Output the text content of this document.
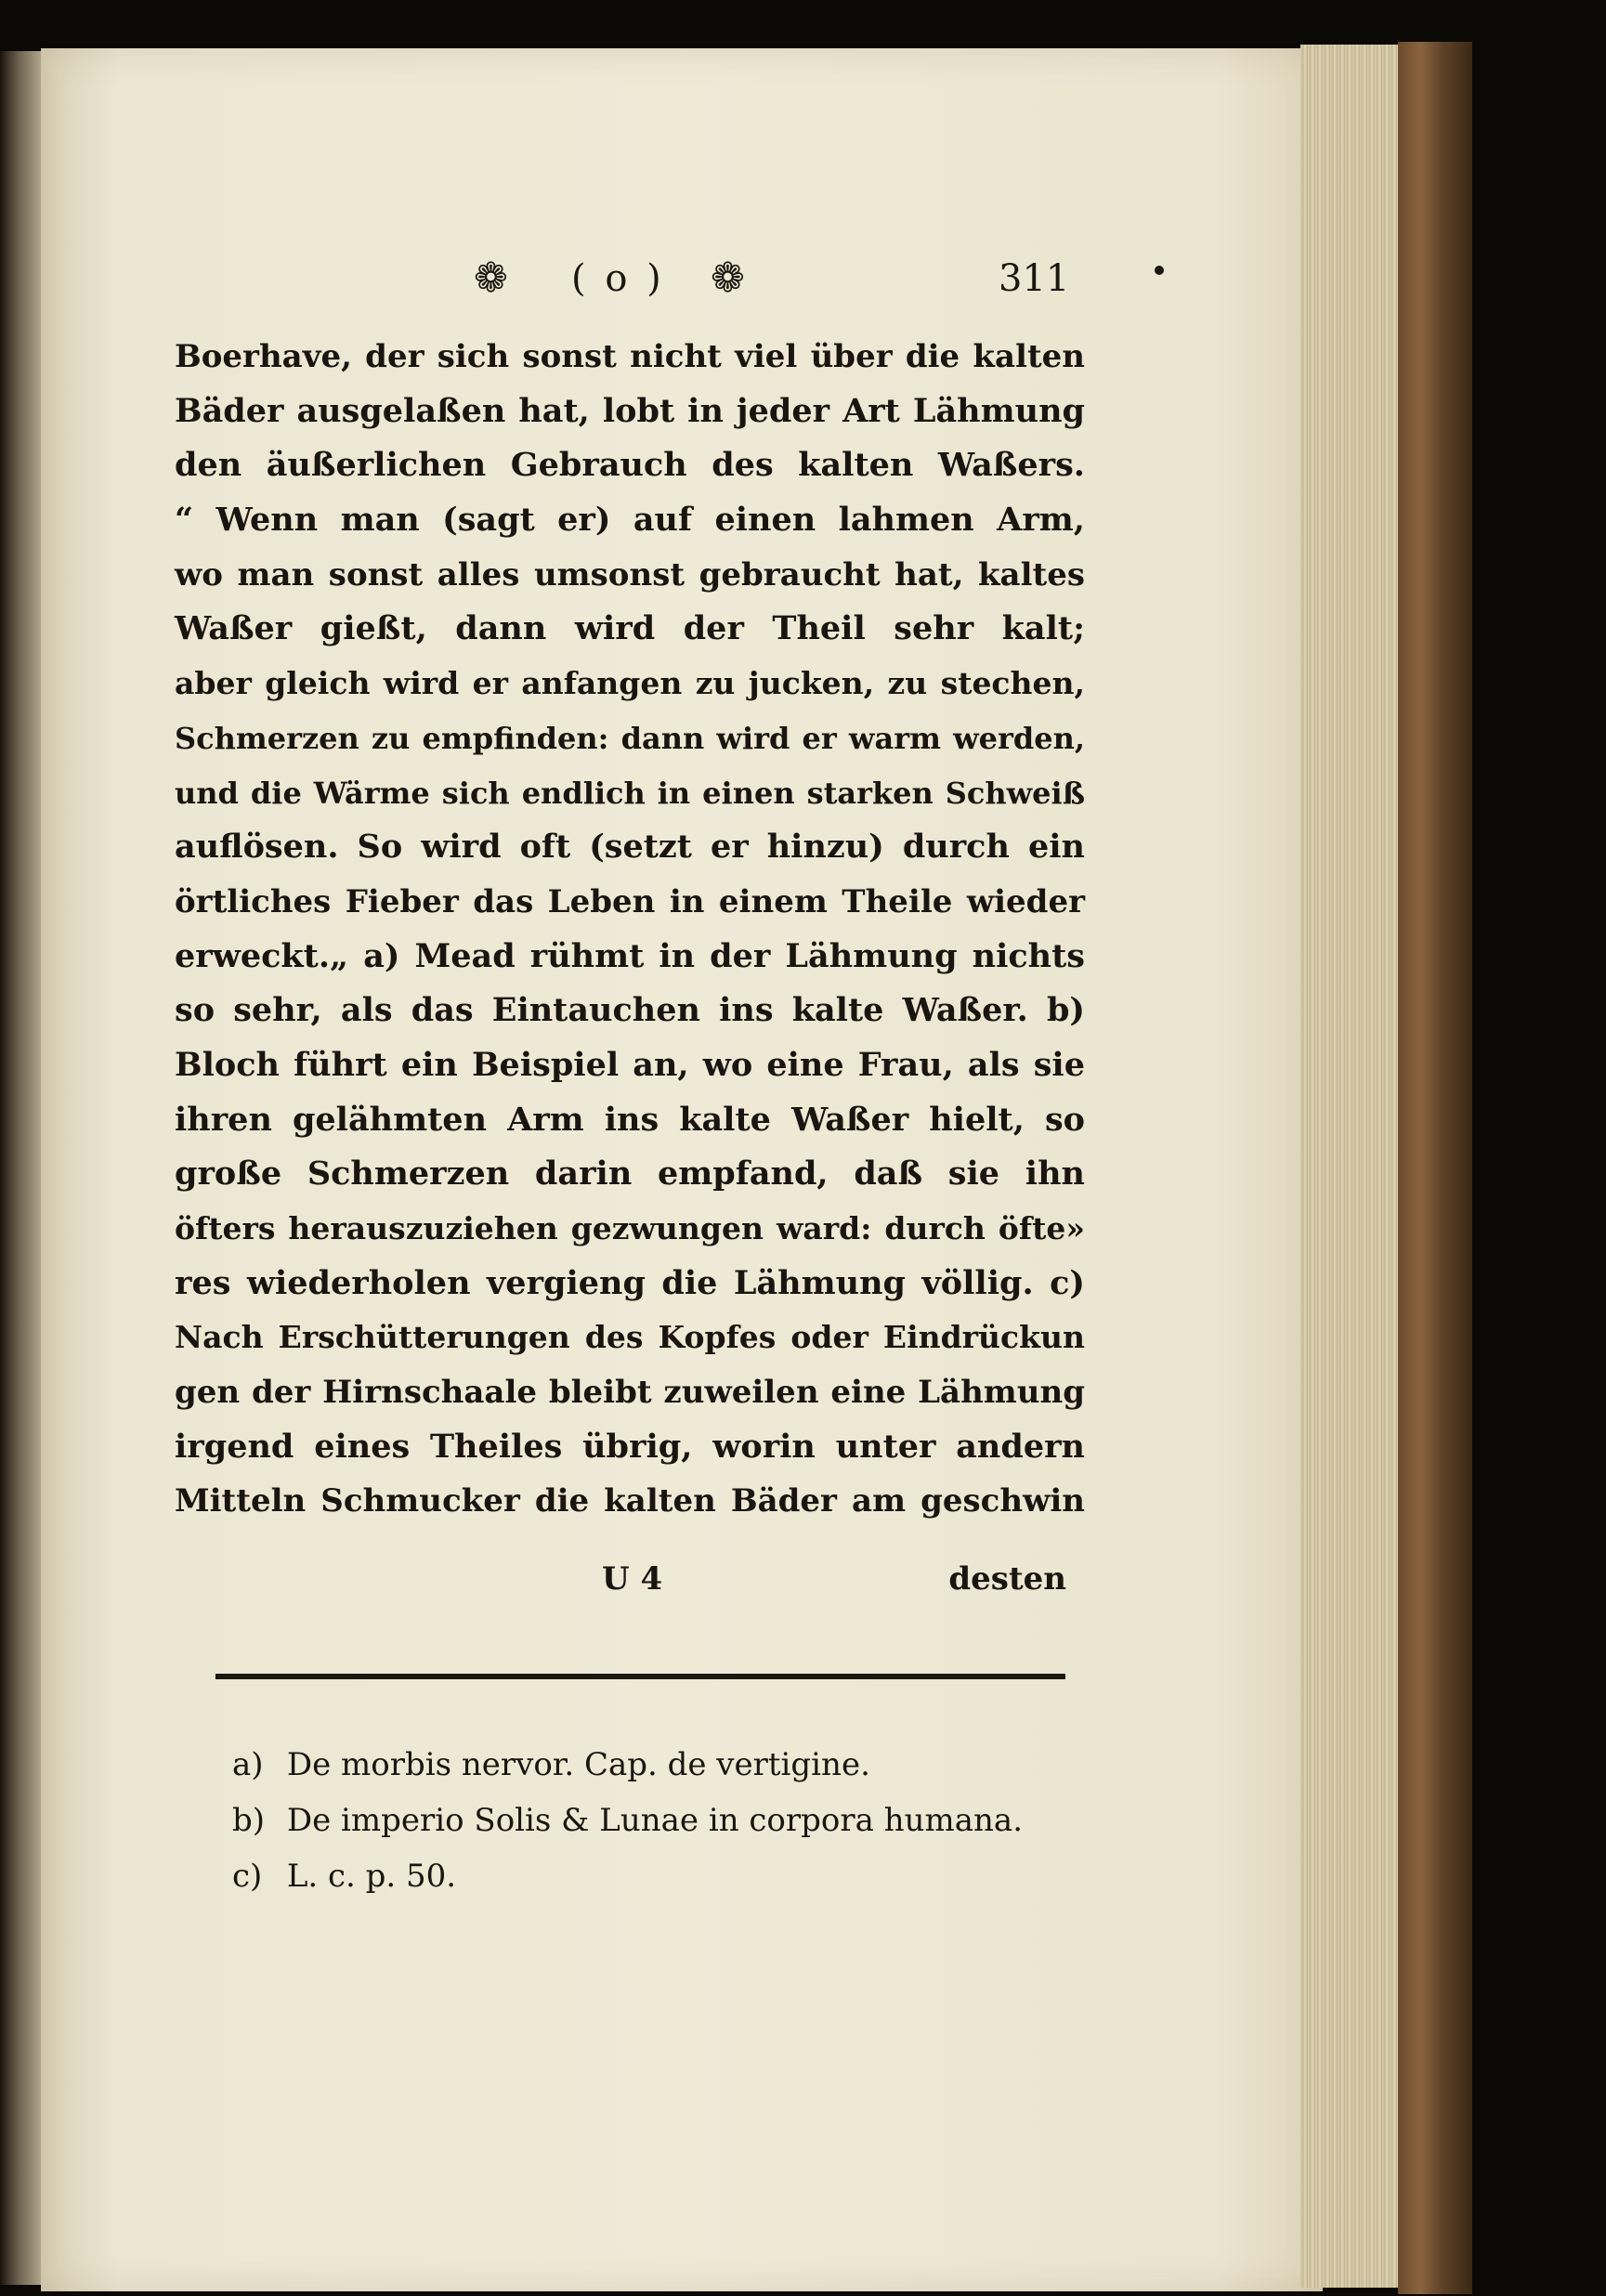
❁ ( o ) ❁	311
Boerhave, der sich sonst nicht viel über die kalten
Bäder ausgelaßen hat, lobt in jeder Art Lähmung
den äußerlichen Gebrauch des kalten Waßers.
“ Wenn man (sagt er) auf einen lahmen Arm,
wo man sonst alles umsonst gebraucht hat, kaltes
Waßer gießt, dann wird der Theil sehr kalt;
aber gleich wird er anfangen zu jucken, zu stechen,
Schmerzen zu empfinden: dann wird er warm werden,
und die Wärme sich endlich in einen starken Schweiß
auflösen. So wird oft (setzt er hinzu) durch ein
örtliches Fieber das Leben in einem Theile wieder
erweckt.„ a) Mead rühmt in der Lähmung nichts
so sehr, als das Eintauchen ins kalte Waßer. b)
Bloch führt ein Beispiel an, wo eine Frau, als sie
ihren gelähmten Arm ins kalte Waßer hielt, so
große Schmerzen darin empfand, daß sie ihn
öfters herauszuziehen gezwungen ward: durch öfte»
res wiederholen vergieng die Lähmung völlig. c)
Nach Erschütterungen des Kopfes oder Eindrückun
gen der Hirnschaale bleibt zuweilen eine Lähmung
irgend eines Theiles übrig, worin unter andern
Mitteln Schmucker die kalten Bäder am geschwin
U 4	desten
a) De morbis nervor. Cap. de vertigine.
b) De imperio Solis & Lunae in corpora humana.
c) L. c. p. 50.
